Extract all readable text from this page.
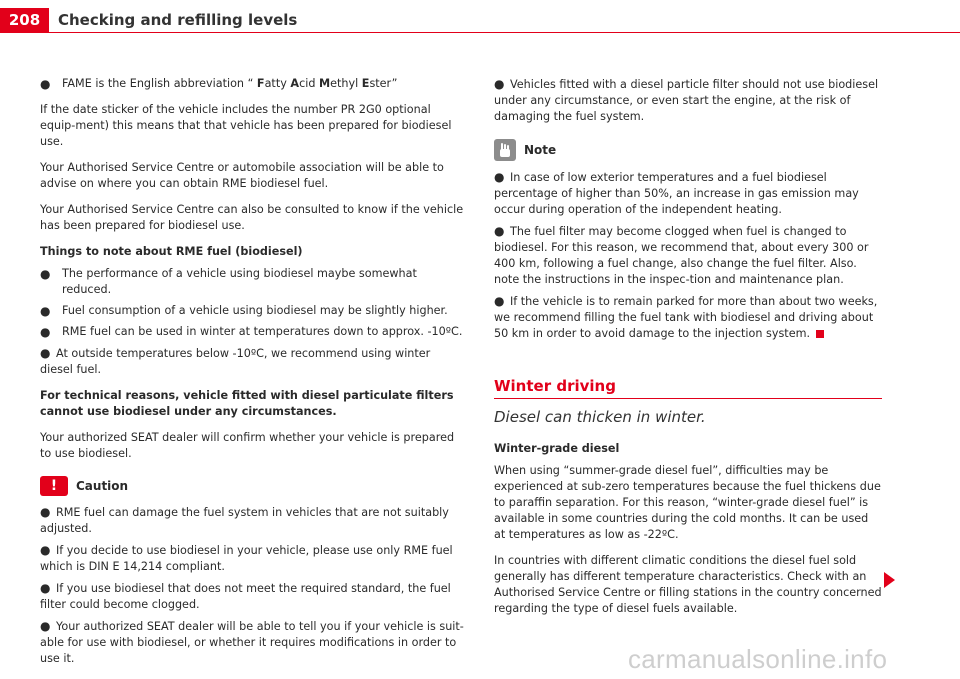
208	Checking and refilling levels
●	FAME is the English abbreviation “ Fatty Acid Methyl Ester”

If the date sticker of the vehicle includes the number PR 2G0 optional equip-ment) this means that that vehicle has been prepared for biodiesel use.

Your Authorised Service Centre or automobile association will be able to advise on where you can obtain RME biodiesel fuel.

Your Authorised Service Centre can also be consulted to know if the vehicle has been prepared for biodiesel use.

Things to note about RME fuel (biodiesel)
●	The performance of a vehicle using biodiesel maybe somewhat reduced.
●	Fuel consumption of a vehicle using biodiesel may be slightly higher.
●	RME fuel can be used in winter at temperatures down to approx. -10ºC.
● At outside temperatures below -10ºC, we recommend using winter diesel fuel.

For technical reasons, vehicle fitted with diesel particulate filters cannot use biodiesel under any circumstances.

Your authorized SEAT dealer will confirm whether your vehicle is prepared to use biodiesel.

!	Caution
● RME fuel can damage the fuel system in vehicles that are not suitably adjusted.
● If you decide to use biodiesel in your vehicle, please use only RME fuel which is DIN E 14,214 compliant.
● If you use biodiesel that does not meet the required standard, the fuel filter could become clogged.
● Your authorized SEAT dealer will be able to tell you if your vehicle is suit-able for use with biodiesel, or whether it requires modifications in order to use it.
● Vehicles fitted with a diesel particle filter should not use biodiesel under any circumstance, or even start the engine, at the risk of damaging the fuel system.
Note
● In case of low exterior temperatures and a fuel biodiesel percentage of higher than 50%, an increase in gas emission may occur during operation of the independent heating.
● The fuel filter may become clogged when fuel is changed to biodiesel. For this reason, we recommend that, about every 300 or 400 km, following a fuel change, also change the fuel filter. Also. note the instructions in the inspec-tion and maintenance plan.
● If the vehicle is to remain parked for more than about two weeks, we recommend filling the fuel tank with biodiesel and driving about 50 km in order to avoid damage to the injection system.
Winter driving
Diesel can thicken in winter.
Winter-grade diesel

When using “summer-grade diesel fuel”, difficulties may be experienced at sub-zero temperatures because the fuel thickens due to paraffin separation. For this reason, “winter-grade diesel fuel” is available in some countries during the cold months. It can be used at temperatures as low as -22ºC.

In countries with different climatic conditions the diesel fuel sold generally has different temperature characteristics. Check with an Authorised Service Centre or filling stations in the country concerned regarding the type of diesel fuels available.

carmanualsonline.info
